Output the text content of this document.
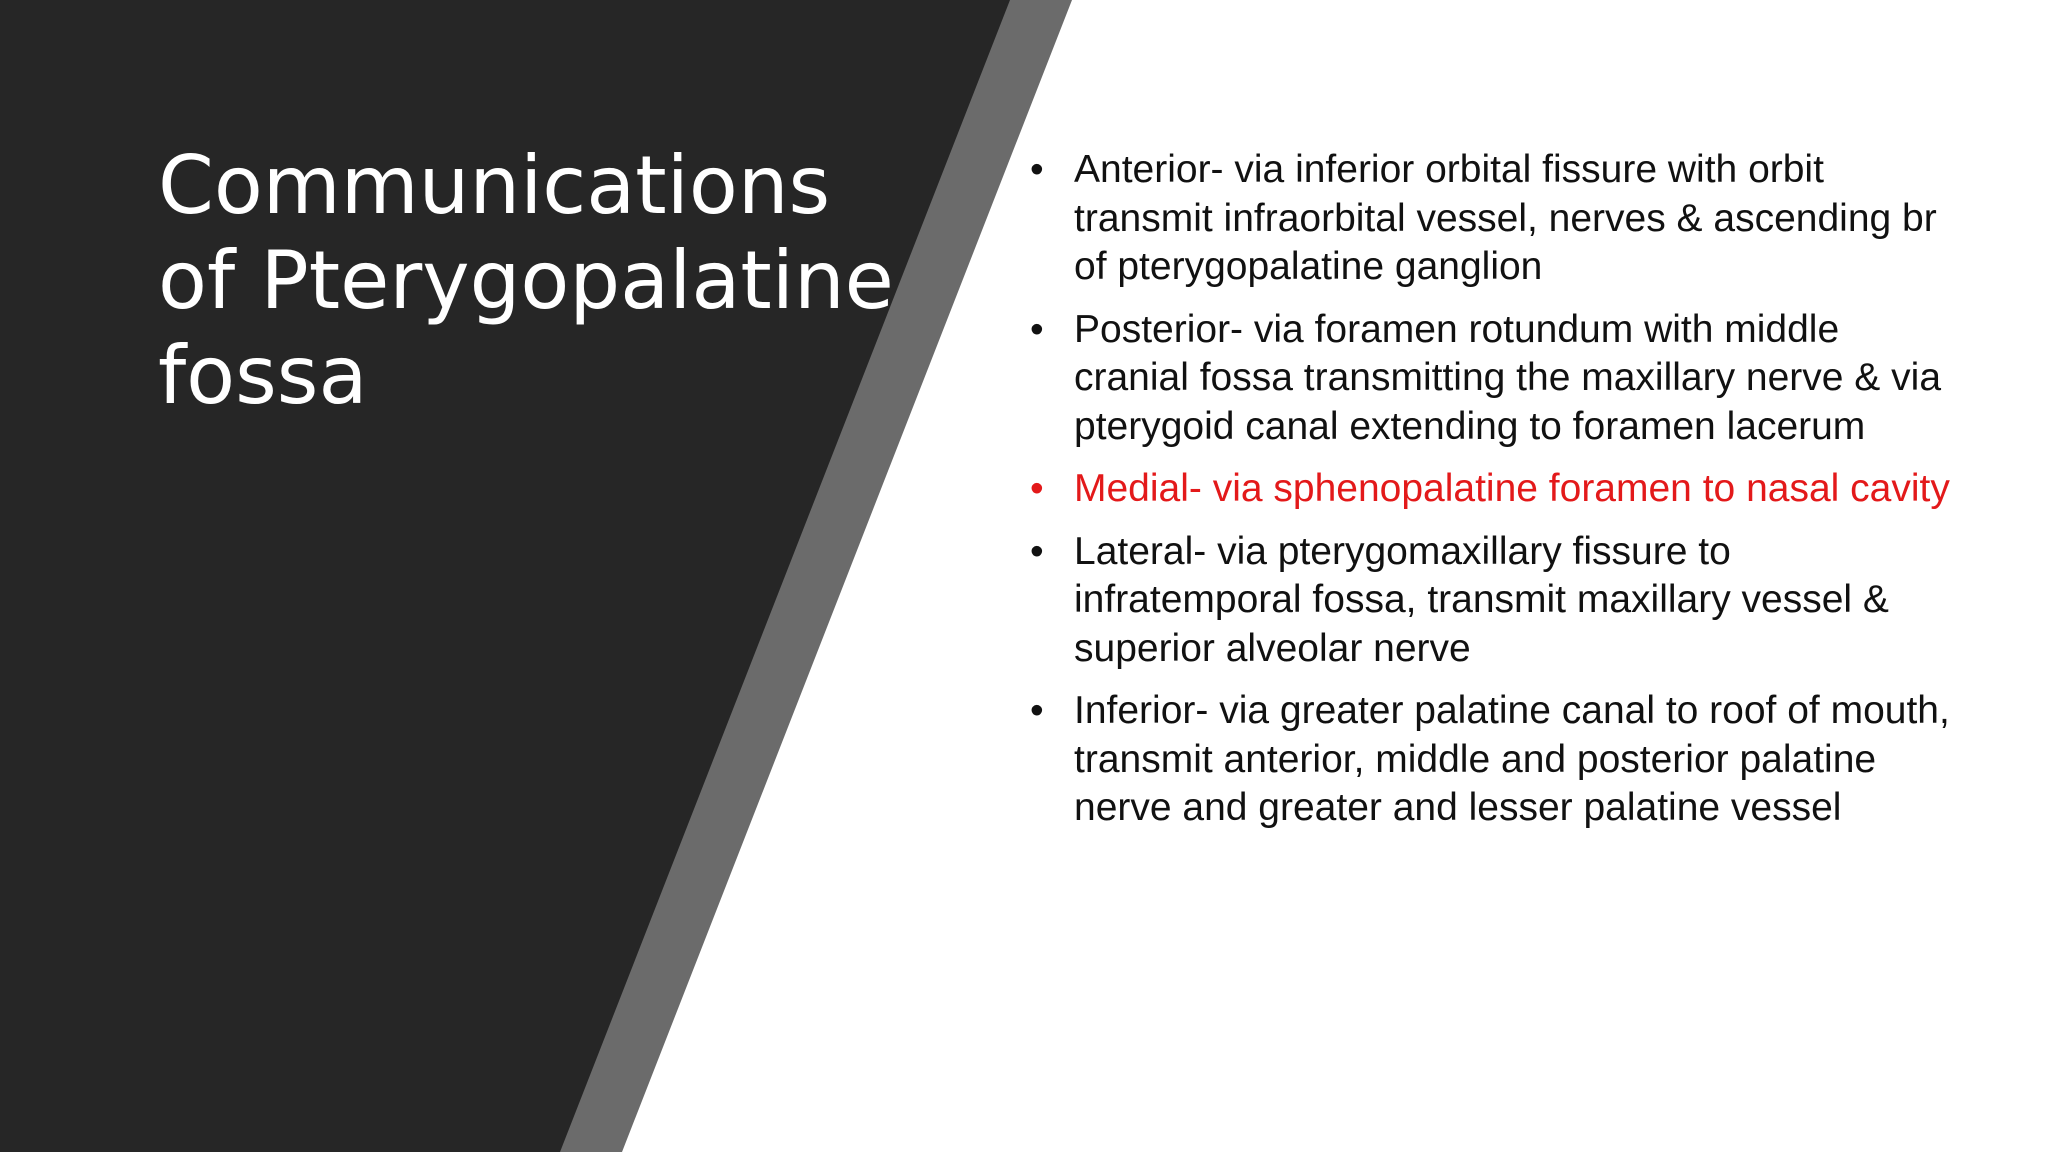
Communications of Pterygopalatine fossa
• Anterior- via inferior orbital fissure with orbit transmit infraorbital vessel, nerves & ascending br of pterygopalatine ganglion
• Posterior- via foramen rotundum with middle cranial fossa transmitting the maxillary nerve & via pterygoid canal extending to foramen lacerum
• Medial- via sphenopalatine foramen to nasal cavity
• Lateral- via pterygomaxillary fissure to infratemporal fossa, transmit maxillary vessel & superior alveolar nerve
• Inferior- via greater palatine canal to roof of mouth, transmit anterior, middle and posterior palatine nerve and greater and lesser palatine vessel
